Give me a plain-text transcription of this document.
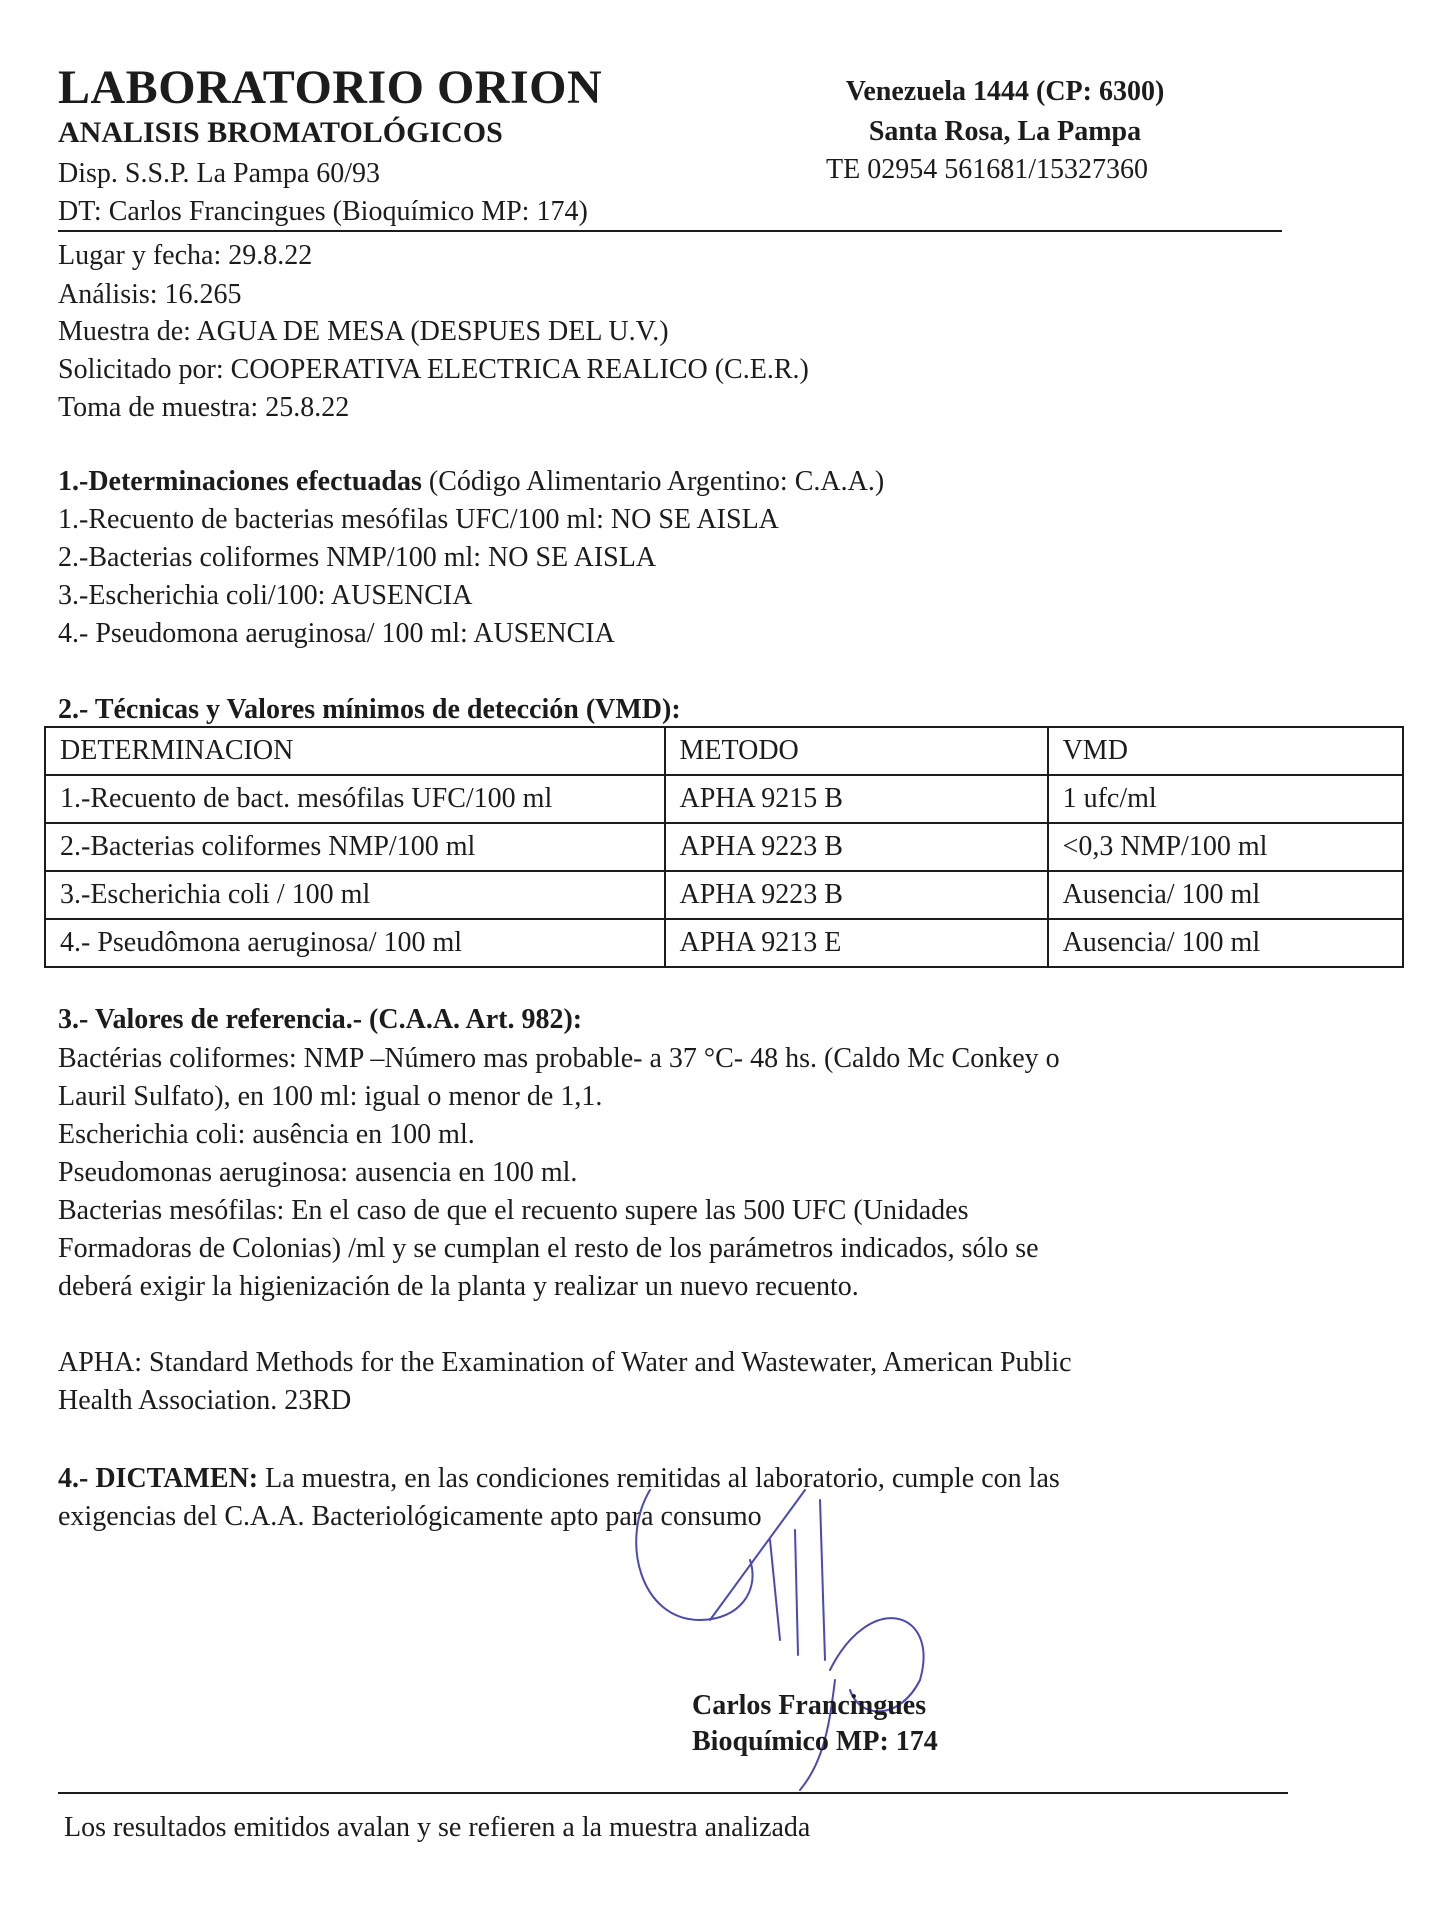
LABORATORIO ORION
ANALISIS BROMATOLÓGICOS
Disp. S.S.P. La Pampa 60/93
DT: Carlos Francingues (Bioquímico MP: 174)
Venezuela 1444 (CP: 6300)
Santa Rosa, La Pampa
TE 02954 561681/15327360
Lugar y fecha: 29.8.22
Análisis: 16.265
Muestra de: AGUA DE MESA (DESPUES DEL U.V.)
Solicitado por: COOPERATIVA ELECTRICA REALICO (C.E.R.)
Toma de muestra: 25.8.22
1.-Determinaciones efectuadas (Código Alimentario Argentino: C.A.A.)
1.-Recuento de bacterias mesófilas UFC/100 ml: NO SE AISLA
2.-Bacterias coliformes NMP/100 ml: NO SE AISLA
3.-Escherichia coli/100: AUSENCIA
4.- Pseudomona aeruginosa/ 100 ml: AUSENCIA
2.- Técnicas y Valores mínimos de detección (VMD):
DETERMINACION	METODO	VMD
1.-Recuento de bact. mesófilas UFC/100 ml	APHA 9215 B	1 ufc/ml
2.-Bacterias coliformes NMP/100 ml	APHA 9223 B	<0,3 NMP/100 ml
3.-Escherichia coli / 100 ml	APHA 9223 B	Ausencia/ 100 ml
4.- Pseudômona aeruginosa/ 100 ml	APHA 9213 E	Ausencia/ 100 ml
3.- Valores de referencia.- (C.A.A. Art. 982):
Bactérias coliformes: NMP –Número mas probable- a 37 °C- 48 hs. (Caldo Mc Conkey o
Lauril Sulfato), en 100 ml: igual o menor de 1,1.
Escherichia coli: ausência en 100 ml.
Pseudomonas aeruginosa: ausencia en 100 ml.
Bacterias mesófilas: En el caso de que el recuento supere las 500 UFC (Unidades
Formadoras de Colonias) /ml y se cumplan el resto de los parámetros indicados, sólo se
deberá exigir la higienización de la planta y realizar un nuevo recuento.
APHA: Standard Methods for the Examination of Water and Wastewater, American Public
Health Association. 23RD
4.- DICTAMEN: La muestra, en las condiciones remitidas al laboratorio, cumple con las
exigencias del C.A.A. Bacteriológicamente apto para consumo
Carlos Francingues
Bioquímico MP: 174
Los resultados emitidos avalan y se refieren a la muestra analizada
